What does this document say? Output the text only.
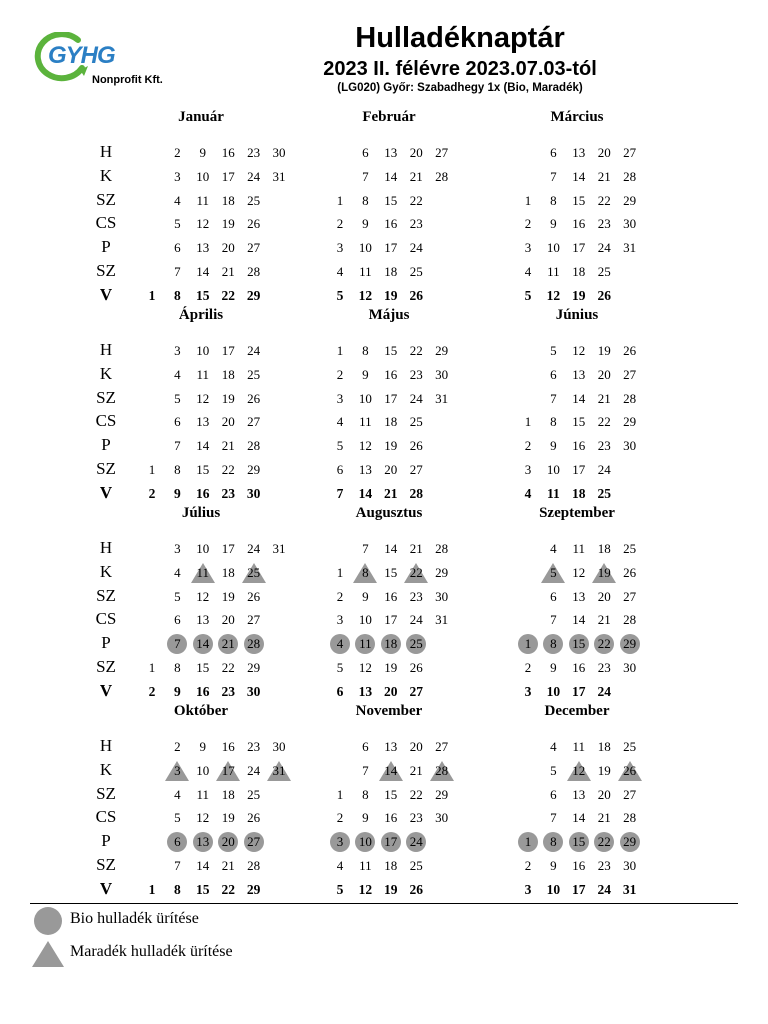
GYHG
Nonprofit Kft.
Hulladéknaptár
2023 II. félévre 2023.07.03-tól
(LG020) Győr: Szabadhegy 1x (Bio, Maradék)
H
K
SZ
CS
P
SZ
V
H
K
SZ
CS
P
SZ
V
H
K
SZ
CS
P
SZ
V
H
K
SZ
CS
P
SZ
V
Január
1
2
3
4
5
6
7
8
9
10
11
12
13
14
15
16
17
18
19
20
21
22
23
24
25
26
27
28
29
30
31
Február
1
2
3
4
5
6
7
8
9
10
11
12
13
14
15
16
17
18
19
20
21
22
23
24
25
26
27
28
Március
1
2
3
4
5
6
7
8
9
10
11
12
13
14
15
16
17
18
19
20
21
22
23
24
25
26
27
28
29
30
31
Április
1
2
3
4
5
6
7
8
9
10
11
12
13
14
15
16
17
18
19
20
21
22
23
24
25
26
27
28
29
30
Május
1
2
3
4
5
6
7
8
9
10
11
12
13
14
15
16
17
18
19
20
21
22
23
24
25
26
27
28
29
30
31
Június
1
2
3
4
5
6
7
8
9
10
11
12
13
14
15
16
17
18
19
20
21
22
23
24
25
26
27
28
29
30
Július
1
2
3
4
5
6
7
8
9
10
11
12
13
14
15
16
17
18
19
20
21
22
23
24
25
26
27
28
29
30
31
Augusztus
1
2
3
4
5
6
7
8
9
10
11
12
13
14
15
16
17
18
19
20
21
22
23
24
25
26
27
28
29
30
31
Szeptember
1
2
3
4
5
6
7
8
9
10
11
12
13
14
15
16
17
18
19
20
21
22
23
24
25
26
27
28
29
30
Október
1
2
3
4
5
6
7
8
9
10
11
12
13
14
15
16
17
18
19
20
21
22
23
24
25
26
27
28
29
30
31
November
1
2
3
4
5
6
7
8
9
10
11
12
13
14
15
16
17
18
19
20
21
22
23
24
25
26
27
28
29
30
December
1
2
3
4
5
6
7
8
9
10
11
12
13
14
15
16
17
18
19
20
21
22
23
24
25
26
27
28
29
30
31
Bio hulladék ürítése
Maradék hulladék ürítése
